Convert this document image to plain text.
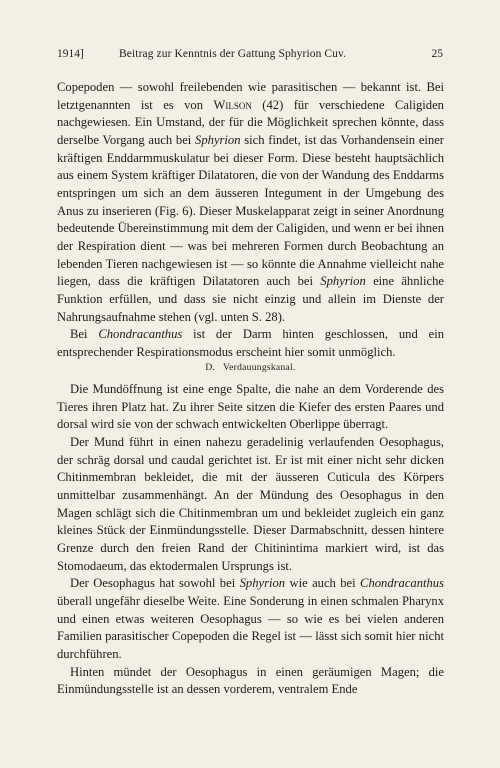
1914]	Beitrag zur Kenntnis der Gattung Sphyrion Cuv.	25

Copepoden — sowohl freilebenden wie parasitischen — bekannt ist. Bei letztgenannten ist es von Wilson (42) für verschiedene Caligiden nachgewiesen. Ein Umstand, der für die Möglichkeit sprechen könnte, dass derselbe Vorgang auch bei Sphyrion sich findet, ist das Vorhandensein einer kräftigen Enddarmmuskulatur bei dieser Form. Diese besteht hauptsächlich aus einem System kräftiger Dilatatoren, die von der Wandung des Enddarms entspringen um sich an dem äusseren Integument in der Umgebung des Anus zu inserieren (Fig. 6). Dieser Muskelapparat zeigt in seiner Anordnung bedeutende Übereinstimmung mit dem der Caligiden, und wenn er bei ihnen der Respiration dient — was bei mehreren Formen durch Beobachtung an lebenden Tieren nachgewiesen ist — so könnte die Annahme vielleicht nahe liegen, dass die kräftigen Dilatatoren auch bei Sphyrion eine ähnliche Funktion erfüllen, und dass sie nicht einzig und allein im Dienste der Nahrungsaufnahme stehen (vgl. unten S. 28).

Bei Chondracanthus ist der Darm hinten geschlossen, und ein entsprechender Respirationsmodus erscheint hier somit unmöglich.

D.   Verdauungskanal.

Die Mundöffnung ist eine enge Spalte, die nahe an dem Vorderende des Tieres ihren Platz hat. Zu ihrer Seite sitzen die Kiefer des ersten Paares und dorsal wird sie von der schwach entwickelten Oberlippe überragt.

Der Mund führt in einen nahezu geradelinig verlaufenden Oesophagus, der schräg dorsal und caudal gerichtet ist. Er ist mit einer nicht sehr dicken Chitinmembran bekleidet, die mit der äusseren Cuticula des Körpers unmittelbar zusammenhängt. An der Mündung des Oesophagus in den Magen schlägt sich die Chitinmembran um und bekleidet zugleich ein ganz kleines Stück der Einmündungsstelle. Dieser Darmabschnitt, dessen hintere Grenze durch den freien Rand der Chitinintima markiert wird, ist das Stomodaeum, das ektodermalen Ursprungs ist.

Der Oesophagus hat sowohl bei Sphyrion wie auch bei Chondracanthus überall ungefähr dieselbe Weite. Eine Sonderung in einen schmalen Pharynx und einen etwas weiteren Oesophagus — so wie es bei vielen anderen Familien parasitischer Copepoden die Regel ist — lässt sich somit hier nicht durchführen.

Hinten mündet der Oesophagus in einen geräumigen Magen; die Einmündungsstelle ist an dessen vorderem, ventralem Ende
